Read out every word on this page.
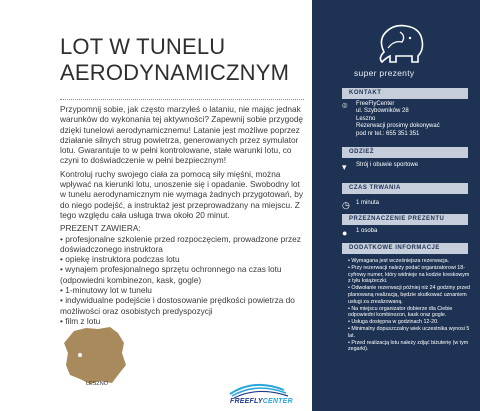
LOT W TUNELU
AERODYNAMICZNYM

Przypomnij sobie, jak często marzyłeś o lataniu, nie mając jednak warunków do wykonania tej aktywności? Zapewnij sobie przygodę dzięki tunelowi aerodynamicznemu! Latanie jest możliwe poprzez działanie silnych strug powietrza, generowanych przez symulator lotu. Gwarantuje to w pełni kontrolowane, stałe warunki lotu, co czyni to doświadczenie w pełni bezpiecznym!

Kontroluj ruchy swojego ciała za pomocą siły mięśni, można wpływać na kierunki lotu, unoszenie się i opadanie. Swobodny lot w tunelu aerodynamicznym nie wymaga żadnych przygotowań, by do niego podejść, a instruktaż jest przeprowadzany na miejscu. Z tego względu cała usługa trwa około 20 minut.

PREZENT ZAWIERA:
• profesjonalne szkolenie przed rozpoczęciem, prowadzone przez doświadczonego instruktora
• opiekę instruktora podczas lotu
• wynajem profesjonalnego sprzętu ochronnego na czas lotu (odpowiedni kombinezon, kask, gogle)
• 1-minutowy lot w tunelu
• indywidualne podejście i dostosowanie prędkości powietrza do możliwości oraz osobistych predyspozycji
• film z lotu
LESZNO
FREEFLYCENTER
super prezenty
KONTAKT
⌾	FreeFlyCenter
ul. Szybowników 28
Leszno
Rezerwacji prosimy dokonywać
pod nr tel.: 655 351 351
ODZIEŻ
▾	Strój i obuwie sportowe
CZAS TRWANIA
◷	1 minuta
PRZEZNACZENIE PREZENTU
●	1 osoba
DODATKOWE INFORMACJE
• Wymagana jest wcześniejsza rezerwacja.
• Przy rezerwacji należy podać organizatorowi 18-cyfrowy numer, który widnieje na kodzie kreskowym z tyłu książeczki.
• Odwołanie rezerwacji później niż 24 godziny przed planowaną realizacją, będzie skutkować uznaniem usługi za zrealizowaną.
• Na miejscu organizator dobierze dla Ciebie odpowiedni kombinezon, kask oraz gogle.
• Usługa dostępna w godzinach 12-20.
• Minimalny dopuszczalny wiek uczestnika wynosi 5 lat.
• Przed realizacją lotu należy zdjąć biżuterię (w tym zegarki).
